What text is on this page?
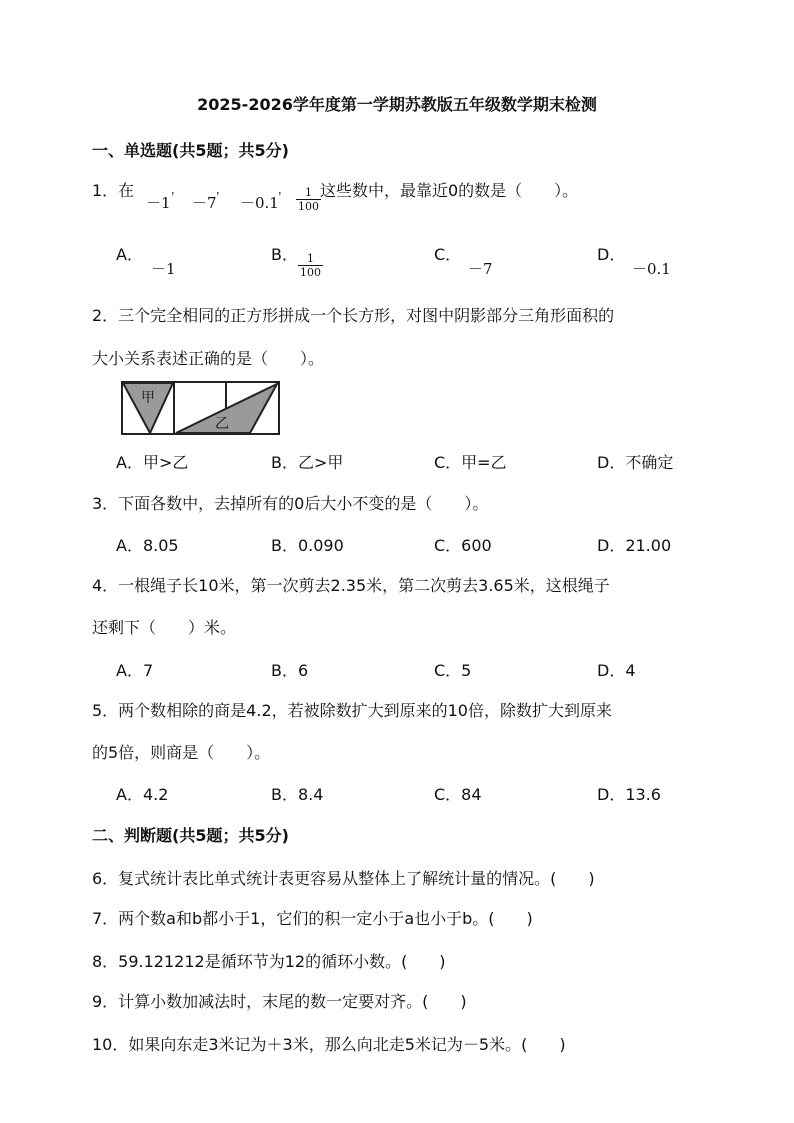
2025-2026学年度第一学期苏教版五年级数学期末检测
一、单选题(共5题；共5分)
1．在
－1
，
－7
，
－0.1
， $\frac{1}{100}$ 这些数中，最靠近0的数是（　　）。
A．
－1
B． $\frac{1}{100}$	C．
－7
D．
－0.1
2．三个完全相同的正方形拼成一个长方形，对图中阴影部分三角形面积的
大小关系表述正确的是（　　）。
甲
乙
A．甲>乙	B．乙>甲	C．甲=乙	D．不确定
3．下面各数中，去掉所有的0后大小不变的是（　　）。
A．8.05	B．0.090	C．600	D．21.00
4．一根绳子长10米，第一次剪去2.35米，第二次剪去3.65米，这根绳子
还剩下（　　）米。
A．7	B．6	C．5	D．4
5．两个数相除的商是4.2，若被除数扩大到原来的10倍，除数扩大到原来
的5倍，则商是（　　）。
A．4.2	B．8.4	C．84	D．13.6
二、判断题(共5题；共5分)
6．复式统计表比单式统计表更容易从整体上了解统计量的情况。(　　)
7．两个数a和b都小于1，它们的积一定小于a也小于b。(　　)
8．59.121212是循环节为12的循环小数。(　　)
9．计算小数加减法时，末尾的数一定要对齐。(　　)
10．如果向东走3米记为＋3米，那么向北走5米记为－5米。(　　)
